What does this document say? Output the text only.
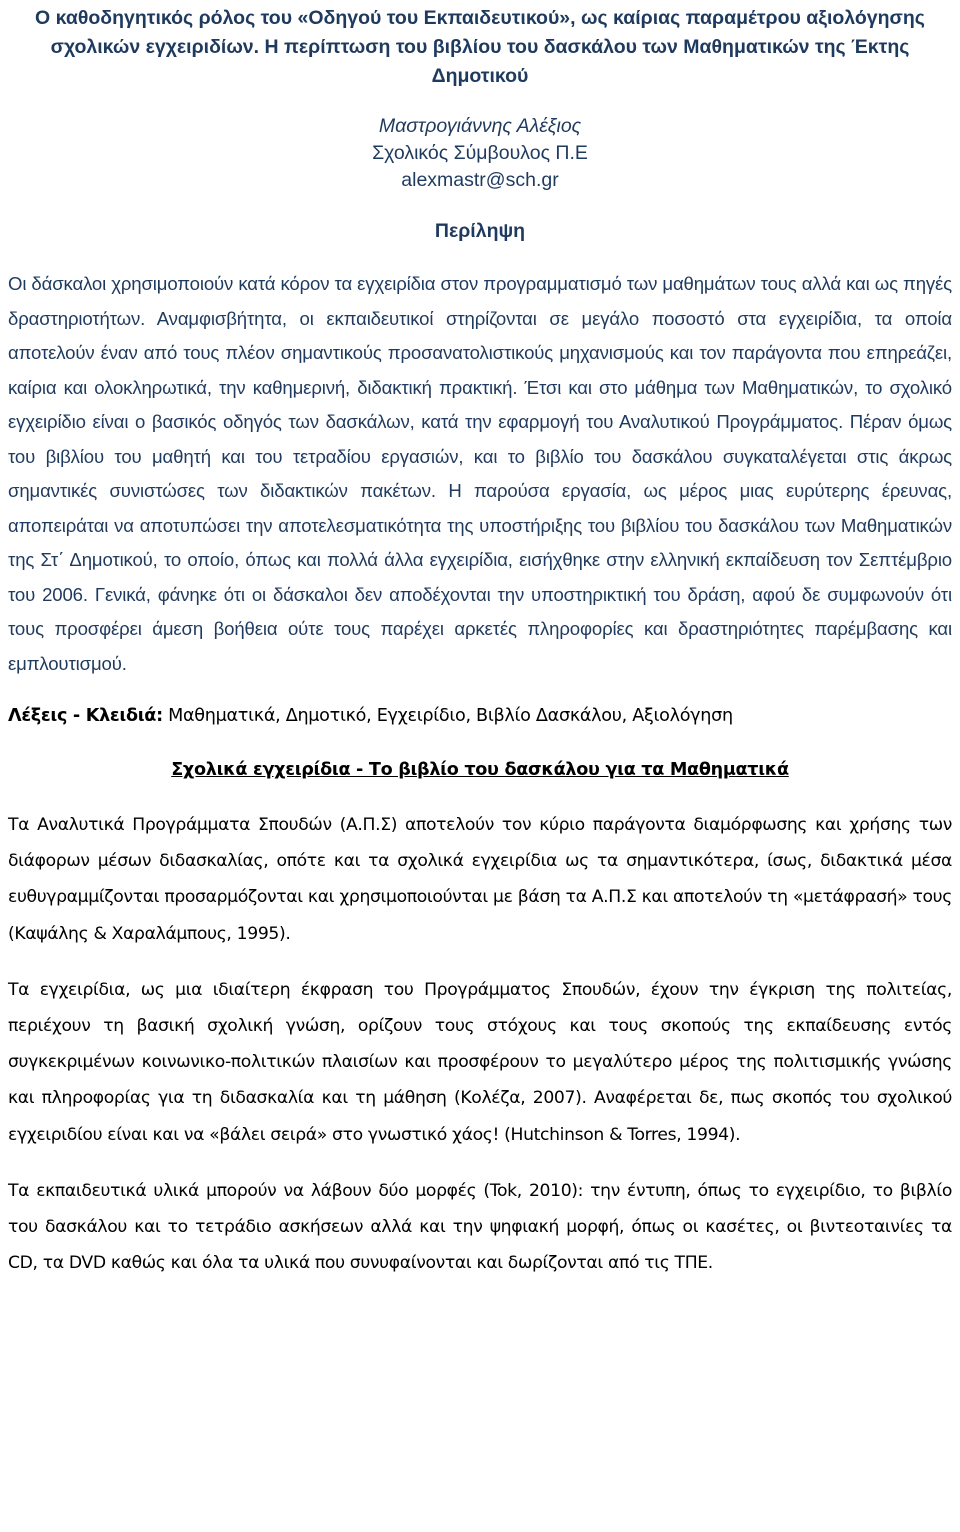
Ο καθοδηγητικός ρόλος του «Οδηγού του Εκπαιδευτικού», ως καίριας παραμέτρου αξιολόγησης σχολικών εγχειριδίων. Η περίπτωση του βιβλίου του δασκάλου των Μαθηματικών της Έκτης Δημοτικού
Μαστρογιάννης Αλέξιος
Σχολικός Σύμβουλος Π.Ε
alexmastr@sch.gr
Περίληψη
Οι δάσκαλοι χρησιμοποιούν κατά κόρον τα εγχειρίδια στον προγραμματισμό των μαθημάτων τους αλλά και ως πηγές δραστηριοτήτων. Αναμφισβήτητα, οι εκπαιδευτικοί στηρίζονται σε μεγάλο ποσοστό στα εγχειρίδια, τα οποία αποτελούν έναν από τους πλέον σημαντικούς προσανατολιστικούς μηχανισμούς και τον παράγοντα που επηρεάζει, καίρια και ολοκληρωτικά, την καθημερινή, διδακτική πρακτική. Έτσι και στο μάθημα των Μαθηματικών, το σχολικό εγχειρίδιο είναι ο βασικός οδηγός των δασκάλων, κατά την εφαρμογή του Αναλυτικού Προγράμματος. Πέραν όμως του βιβλίου του μαθητή και του τετραδίου εργασιών, και το βιβλίο του δασκάλου συγκαταλέγεται στις άκρως σημαντικές συνιστώσες των διδακτικών πακέτων. Η παρούσα εργασία, ως μέρος μιας ευρύτερης έρευνας, αποπειράται να αποτυπώσει την αποτελεσματικότητα της υποστήριξης του βιβλίου του δασκάλου των Μαθηματικών της Στ΄ Δημοτικού, το οποίο, όπως και πολλά άλλα εγχειρίδια, εισήχθηκε στην ελληνική εκπαίδευση τον Σεπτέμβριο του 2006. Γενικά, φάνηκε ότι οι δάσκαλοι δεν αποδέχονται την υποστηρικτική του δράση, αφού δε συμφωνούν ότι τους προσφέρει άμεση βοήθεια ούτε τους παρέχει αρκετές πληροφορίες και δραστηριότητες παρέμβασης και εμπλουτισμού.
Λέξεις - Κλειδιά: Μαθηματικά, Δημοτικό, Εγχειρίδιο, Βιβλίο Δασκάλου, Αξιολόγηση
Σχολικά εγχειρίδια - Το βιβλίο του δασκάλου για τα Μαθηματικά
Τα Αναλυτικά Προγράμματα Σπουδών (Α.Π.Σ) αποτελούν τον κύριο παράγοντα διαμόρφωσης και χρήσης των διάφορων μέσων διδασκαλίας, οπότε και τα σχολικά εγχειρίδια ως τα σημαντικότερα, ίσως, διδακτικά μέσα ευθυγραμμίζονται προσαρμόζονται και χρησιμοποιούνται με βάση τα Α.Π.Σ και αποτελούν τη «μετάφρασή» τους (Καψάλης & Χαραλάμπους, 1995).
Τα εγχειρίδια, ως μια ιδιαίτερη έκφραση του Προγράμματος Σπουδών, έχουν την έγκριση της πολιτείας, περιέχουν τη βασική σχολική γνώση, ορίζουν τους στόχους και τους σκοπούς της εκπαίδευσης εντός συγκεκριμένων κοινωνικο-πολιτικών πλαισίων και προσφέρουν το μεγαλύτερο μέρος της πολιτισμικής γνώσης και πληροφορίας για τη διδασκαλία και τη μάθηση (Κολέζα, 2007). Αναφέρεται δε, πως σκοπός του σχολικού εγχειριδίου είναι και να «βάλει σειρά» στο γνωστικό χάος! (Hutchinson & Torres, 1994).
Τα εκπαιδευτικά υλικά μπορούν να λάβουν δύο μορφές (Tok, 2010): την έντυπη, όπως το εγχειρίδιο, το βιβλίο του δασκάλου και το τετράδιο ασκήσεων αλλά και την ψηφιακή μορφή, όπως οι κασέτες, οι βιντεοταινίες τα CD, τα DVD καθώς και όλα τα υλικά που συνυφαίνονται και δωρίζονται από τις ΤΠΕ.
